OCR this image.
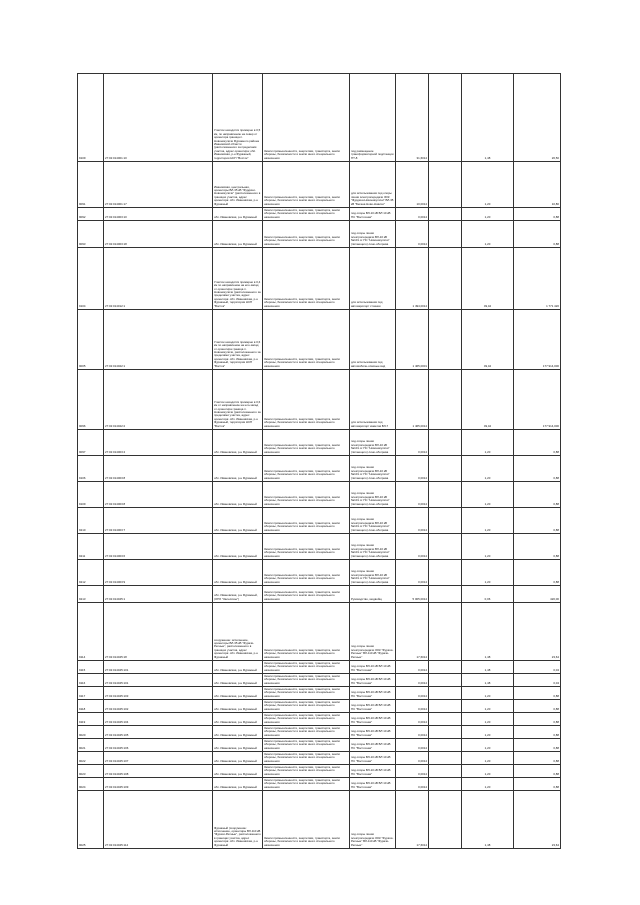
9109	27:02:014001:10	Участок находится примерно в 0,5 км, по направлению на север от ориентира граница п. Новоникуличи Фуражного района Ивановской области (расположенного за пределами участка, адрес ориентира: обл. Ивановская, р-н Фуражный, территория НСП "Восток"	Земли промышленности, энергетики, транспорта, земли обороны, безопасности и земли иного специального назначения	под размещение трансформаторной подстанции ПТ-8	31,6014		1,48	26,50
9091	27:02:014001:17	Ивановская, центральная, ориентиры ВЛ-35 кВ "Фурдачи-Новоникуличи" (расположенного в границах участка, адрес ориентира: обл. Ивановская, р-н Фуражный	Земли промышленности, энергетики, транспорта, земли обороны, безопасности и земли иного специального назначения	для использования под опоры линии электропередачи ЗОК "Фурдачи-Новоникуличи" ВЛ-35 кВ "Бегана Ново-Новичи"	10,0014		1,20	10,80
9092	27:02:014003:10	обл. Ивановская, р-н Фуражный	Земли промышленности, энергетики, транспорта, земли обороны, безопасности и земли иного специального назначения	под опоры ВЛ-10 кВ ВЛ 10 кВ ПС "Восточная"	0,0014		1,20	0,88
9093	27:02:014003:18	обл. Ивановская, р-н Фуражный	Земли промышленности, энергетики, транспорта, земли обороны, безопасности и земли иного специального назначения	под опоры линии электропередачи ВЛ-10 кВ №101 от ПС "Новоникуличи" (питающего) лино-обогрева	0,0014		1,20	0,88
9104	27:02:014012:1	Участок находится примерно в 0,4 км по направлению на юго-запад от ориентира граница п. Новоникуличи (расположенного за пределами участка, адрес ориентира: обл. Ивановская, р-н Фуражный, территория НСП "Восток"	Земли промышленности, энергетики, транспорта, земли обороны, безопасности и земли иного специального назначения	для использования под автоаэропорт стоянки	1 494,0014		49,42	1 771 420
9005	27:02:014022:1	Участок находится примерно в 0,6 км по направлению на юго-запад от ориентира граница п. Новоникуличи, расположенного за пределами участка, адрес ориентира: обл. Ивановская, р-н Фуражный, территория НСП "Восток"	Земли промышленности, энергетики, транспорта, земли обороны, безопасности и земли иного специального назначения	для использования под автомобиле-опасные вид	1 465,0001		49,42	177 914,000
9096	27:02:014022:2	Участок находится примерно в 0,6 км от направлению на юго-запад от ориентира граница п. Новоникуличи (расположенного за пределами участка, адрес ориентира: обл. Ивановская, р-н Фуражный, территория НСП "Восток"	Земли промышленности, энергетики, транспорта, земли обороны, безопасности и земли иного специального назначения	для использования под автоаэропорт кюветов ВЛ-7	1 465,0014		49,42	177 914,000
9097	27:02:014003:4	обл. Ивановская, р-н Фуражный	Земли промышленности, энергетики, транспорта, земли обороны, безопасности и земли иного специального назначения	под опоры линии электропередачи ВЛ-10 кВ №101 от ПС "Новоникуличи" (питающего) лино-обогрева	0,0014		1,20	0,88
9106	27:02:014003:8	обл. Ивановская, р-н Фуражный	Земли промышленности, энергетики, транспорта, земли обороны, безопасности и земли иного специального назначения	под опоры линии электропередачи ВЛ-10 кВ №101 от ПС "Новоникуличи" (питающего) лино-обогрева	0,0014		1,20	0,88
9109	27:02:014003:8	обл. Ивановская, р-н Фуражный	Земли промышленности, энергетики, транспорта, земли обороны, безопасности и земли иного специального назначения	под опоры линии электропередачи ВЛ-10 кВ №101 от ПС "Новоникуличи" (питающего) лино-обогрева	0,0014		1,20	0,88
9210	27:02:014003:7	обл. Ивановская, р-н Фуражный	Земли промышленности, энергетики, транспорта, земли обороны, безопасности и земли иного специального назначения	под опоры линии электропередачи ВЛ-10 кВ №101 от ПС "Новоникуличи" (питающего) лино-обогрева	0,0014		1,20	0,88
9211	27:02:014003:6	обл. Ивановская, р-н Фуражный	Земли промышленности, энергетики, транспорта, земли обороны, безопасности и земли иного специального назначения	под опоры линии электропередачи ВЛ-10 кВ №101 от ПС "Новоникуличи" (питающего) лино-обогрева	0,0014		1,20	0,88
9212	27:02:014003:9	обл. Ивановская, р-н Фуражный	Земли промышленности, энергетики, транспорта, земли обороны, безопасности и земли иного специального назначения	под опоры линии электропередачи ВЛ-10 кВ №101 от ПС "Новоникуличи" (питающего) лино-обогрева	0,0014		1,20	0,88
9213	27:02:014045:1	обл. Ивановская, р-н Фуражный, (ОПХ "Залесское")	Земли промышленности, энергетики, транспорта, земли обороны, безопасности и земли иного специального назначения	Руководство, модвойщ	5 005,0014		0,06	420,00
9114	27:02:014045:18	сооружение: исполнение, ориентиры ВЛ-35 кВ "Фурачи-Репные", расположенного в границах участка, адрес ориентира: обл. Ивановская, р-н Фуражный	Земли промышленности, энергетики, транспорта, земли обороны, безопасности и земли иного специального назначения	под опоры линии электропередачи ЗОК "Фурачи-Репные" ВЛ-110 кВ "Фурачи-Репные"	17,6014		1,48	23,64
9115	27:02:014045:101	обл. Ивановская, р-н Фуражный	Земли промышленности, энергетики, транспорта, земли обороны, безопасности и земли иного специального назначения	под опоры ВЛ-10 кВ ВЛ 10 кВ ПС "Восточная"	0,0014		1,48	0,04
9116	27:02:014045:101	обл. Ивановская, р-н Фуражный	Земли промышленности, энергетики, транспорта, земли обороны, безопасности и земли иного специального назначения	под опоры ВЛ-10 кВ ВЛ 10 кВ ПС "Восточная"	0,0014		1,48	0,04
9117	27:02:014045:103	обл. Ивановская, р-н Фуражный	Земли промышленности, энергетики, транспорта, земли обороны, безопасности и земли иного специального назначения	под опоры ВЛ-10 кВ ВЛ 10 кВ ПС "Восточная"	0,0014		1,20	0,88
9118	27:02:014045:102	обл. Ивановская, р-н Фуражный	Земли промышленности, энергетики, транспорта, земли обороны, безопасности и земли иного специального назначения	под опоры ВЛ-10 кВ ВЛ 10 кВ ПС "Восточная"	0,0014		1,20	0,88
9119	27:02:014045:104	обл. Ивановская, р-н Фуражный	Земли промышленности, энергетики, транспорта, земли обороны, безопасности и земли иного специального назначения	под опоры ВЛ-10 кВ ВЛ 10 кВ ПС "Восточная"	0,0014		1,20	0,88
9020	27:02:014045:105	обл. Ивановская, р-н Фуражный	Земли промышленности, энергетики, транспорта, земли обороны, безопасности и земли иного специального назначения	под опоры ВЛ-10 кВ ВЛ 10 кВ ПС "Восточная"	0,0014		1,20	0,88
9021	27:02:014045:106	обл. Ивановская, р-н Фуражный	Земли промышленности, энергетики, транспорта, земли обороны, безопасности и земли иного специального назначения	под опоры ВЛ-10 кВ ВЛ 10 кВ ПС "Восточная"	0,0014		1,20	0,88
9022	27:02:014045:107	обл. Ивановская, р-н Фуражный	Земли промышленности, энергетики, транспорта, земли обороны, безопасности и земли иного специального назначения	под опоры ВЛ-10 кВ ВЛ 10 кВ ПС "Восточная"	0,0014		1,20	0,88
9023	27:02:014045:108	обл. Ивановская, р-н Фуражный	Земли промышленности, энергетики, транспорта, земли обороны, безопасности и земли иного специального назначения	под опоры ВЛ-10 кВ ВЛ 10 кВ ПС "Восточная"	0,0014		1,20	0,88
9024	27:02:014045:109	обл. Ивановская, р-н Фуражный	Земли промышленности, энергетики, транспорта, земли обороны, безопасности и земли иного специального назначения	под опоры ВЛ-10 кВ ВЛ 10 кВ ПС "Восточная"	0,0014		1,20	0,88
9025	27:02:014045:114	Фуражный (сооружение: исполнение, ориентиры ВЛ-110 кВ "Фурачи-Репные", расположенного в границах участка, адрес ориентира: обл. Ивановская, р-н Фуражный	Земли промышленности, энергетики, транспорта, земли обороны, безопасности и земли иного специального назначения	под опоры линии электропередачи ЗОК "Фурачи-Репные" ВЛ-110 кВ "Фурачи-Репные"	17,6014		1,48	23,64
